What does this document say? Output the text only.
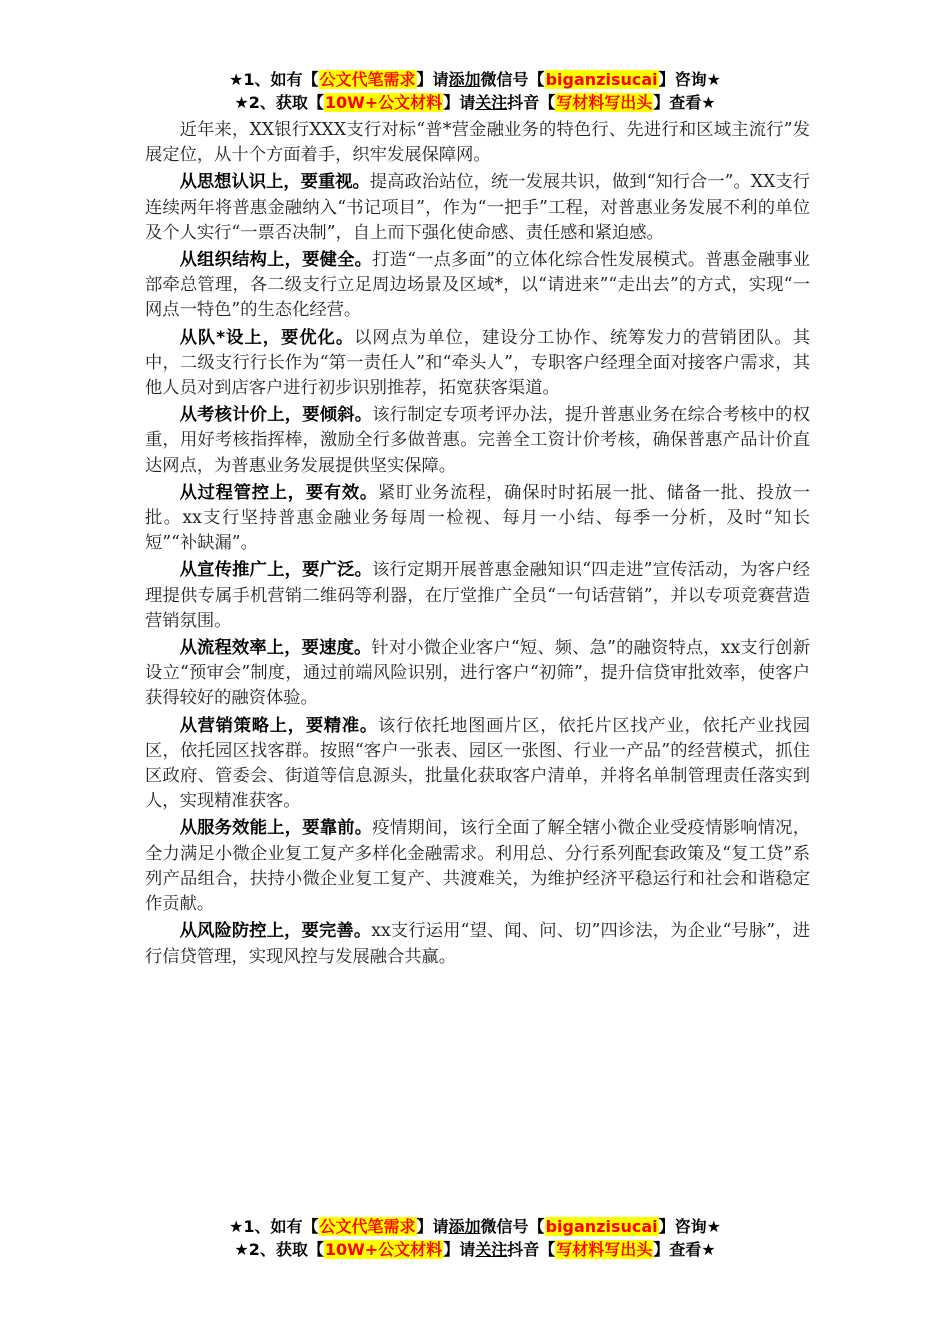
★1、如有【公文代笔需求】请添加微信号【biganzisucai】咨询★
★2、获取【10W+公文材料】请关注抖音【写材料写出头】查看★

近年来，XX银行XXX支行对标“普*营金融业务的特色行、先进行和区域主流行”发展定位，从十个方面着手，织牢发展保障网。

从思想认识上，要重视。提高政治站位，统一发展共识，做到“知行合一”。XX支行连续两年将普惠金融纳入“书记项目”，作为“一把手”工程，对普惠业务发展不利的单位及个人实行“一票否决制”，自上而下强化使命感、责任感和紧迫感。

从组织结构上，要健全。打造“一点多面”的立体化综合性发展模式。普惠金融事业部牵总管理，各二级支行立足周边场景及区域*，以“请进来”“走出去”的方式，实现“一网点一特色”的生态化经营。

从队*设上，要优化。以网点为单位，建设分工协作、统筹发力的营销团队。其中，二级支行行长作为“第一责任人”和“牵头人”，专职客户经理全面对接客户需求，其他人员对到店客户进行初步识别推荐，拓宽获客渠道。

从考核计价上，要倾斜。该行制定专项考评办法，提升普惠业务在综合考核中的权重，用好考核指挥棒，激励全行多做普惠。完善全工资计价考核，确保普惠产品计价直达网点，为普惠业务发展提供坚实保障。

从过程管控上，要有效。紧盯业务流程，确保时时拓展一批、储备一批、投放一批。xx支行坚持普惠金融业务每周一检视、每月一小结、每季一分析，及时“知长短”“补缺漏”。

从宣传推广上，要广泛。该行定期开展普惠金融知识“四走进”宣传活动，为客户经理提供专属手机营销二维码等利器，在厅堂推广全员“一句话营销”，并以专项竞赛营造营销氛围。

从流程效率上，要速度。针对小微企业客户“短、频、急”的融资特点，xx支行创新设立“预审会”制度，通过前端风险识别，进行客户“初筛”，提升信贷审批效率，使客户获得较好的融资体验。

从营销策略上，要精准。该行依托地图画片区，依托片区找产业，依托产业找园区，依托园区找客群。按照“客户一张表、园区一张图、行业一产品”的经营模式，抓住区政府、管委会、街道等信息源头，批量化获取客户清单，并将名单制管理责任落实到人，实现精准获客。

从服务效能上，要靠前。疫情期间，该行全面了解全辖小微企业受疫情影响情况，全力满足小微企业复工复产多样化金融需求。利用总、分行系列配套政策及“复工贷”系列产品组合，扶持小微企业复工复产、共渡难关，为维护经济平稳运行和社会和谐稳定作贡献。

从风险防控上，要完善。xx支行运用“望、闻、问、切”四诊法，为企业“号脉”，进行信贷管理，实现风控与发展融合共赢。

★1、如有【公文代笔需求】请添加微信号【biganzisucai】咨询★
★2、获取【10W+公文材料】请关注抖音【写材料写出头】查看★
